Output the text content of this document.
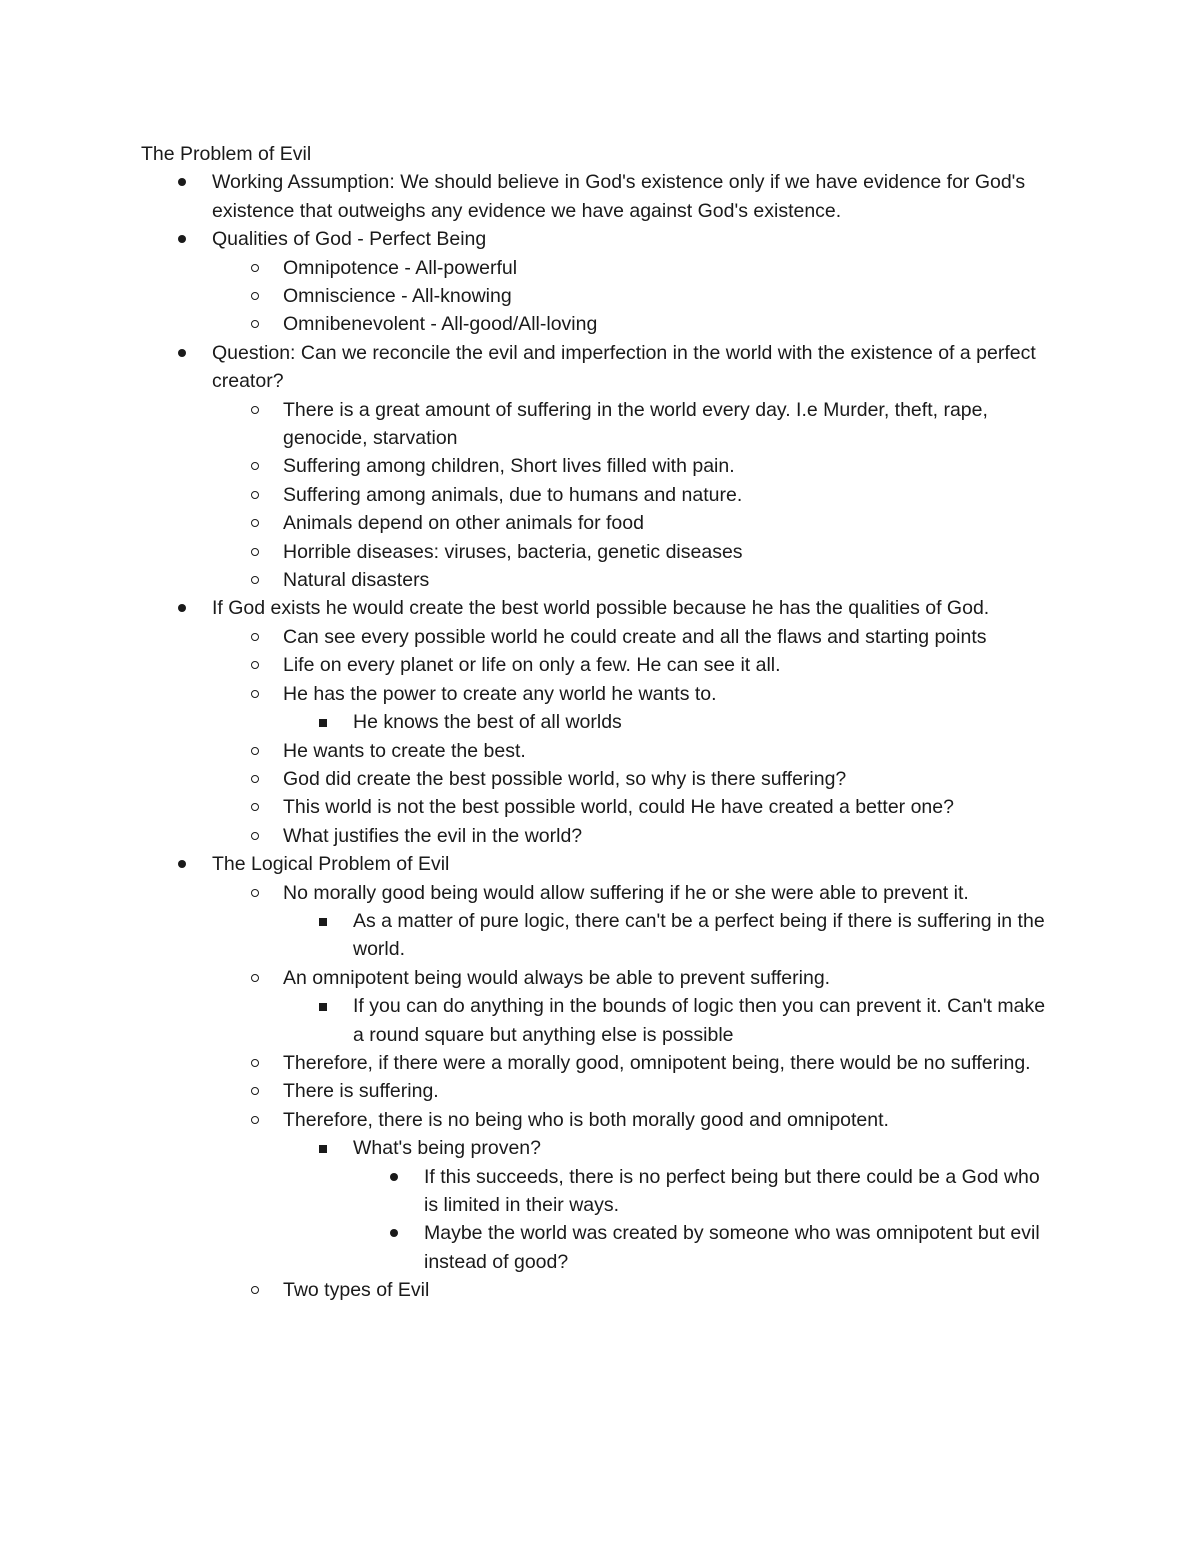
The Problem of Evil
Working Assumption: We should believe in God's existence only if we have evidence for God's existence that outweighs any evidence we have against God's existence.
Qualities of God - Perfect Being
Omnipotence - All-powerful
Omniscience - All-knowing
Omnibenevolent - All-good/All-loving
Question: Can we reconcile the evil and imperfection in the world with the existence of a perfect creator?
There is a great amount of suffering in the world every day. I.e Murder, theft, rape, genocide, starvation
Suffering among children, Short lives filled with pain.
Suffering among animals, due to humans and nature.
Animals depend on other animals for food
Horrible diseases: viruses, bacteria, genetic diseases
Natural disasters
If God exists he would create the best world possible because he has the qualities of God.
Can see every possible world he could create and all the flaws and starting points
Life on every planet or life on only a few. He can see it all.
He has the power to create any world he wants to.
He knows the best of all worlds
He wants to create the best.
God did create the best possible world, so why is there suffering?
This world is not the best possible world, could He have created a better one?
What justifies the evil in the world?
The Logical Problem of Evil
No morally good being would allow suffering if he or she were able to prevent it.
As a matter of pure logic, there can't be a perfect being if there is suffering in the world.
An omnipotent being would always be able to prevent suffering.
If you can do anything in the bounds of logic then you can prevent it. Can't make a round square but anything else is possible
Therefore, if there were a morally good, omnipotent being, there would be no suffering.
There is suffering.
Therefore, there is no being who is both morally good and omnipotent.
What's being proven?
If this succeeds, there is no perfect being but there could be a God who is limited in their ways.
Maybe the world was created by someone who was omnipotent but evil instead of good?
Two types of Evil
